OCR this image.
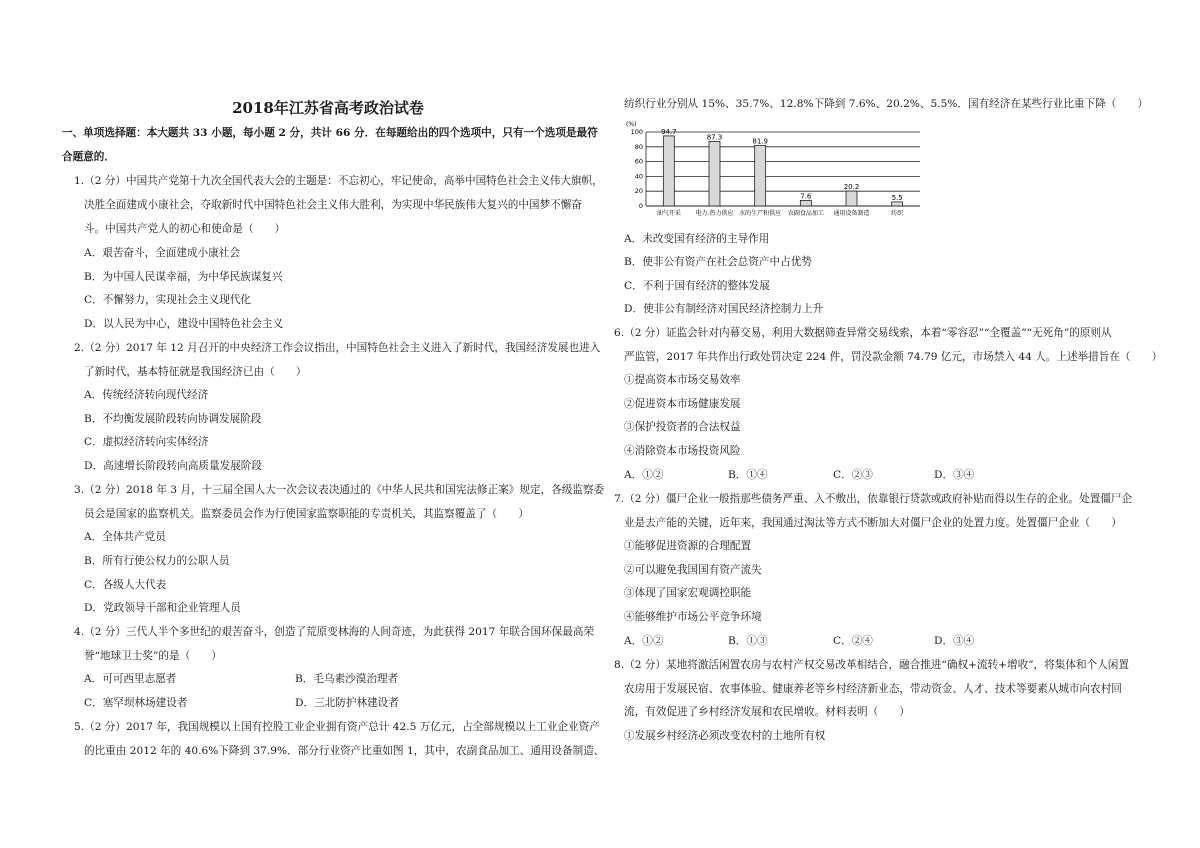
2018年江苏省高考政治试卷
一、单项选择题：本大题共 33 小题，每小题 2 分，共计 66 分．在每题给出的四个选项中，只有一个选项是最符
合题意的．
1.（2 分）中国共产党第十九次全国代表大会的主题是：不忘初心，牢记使命，高举中国特色社会主义伟大旗帜，
决胜全面建成小康社会，夺取新时代中国特色社会主义伟大胜利，为实现中华民族伟大复兴的中国梦不懈奋
斗。中国共产党人的初心和使命是（　　）
A．艰苦奋斗，全面建成小康社会
B．为中国人民谋幸福，为中华民族谋复兴
C．不懈努力，实现社会主义现代化
D．以人民为中心，建设中国特色社会主义
2.（2 分）2017 年 12 月召开的中央经济工作会议指出，中国特色社会主义进入了新时代，我国经济发展也进入
了新时代，基本特征就是我国经济已由（　　）
A．传统经济转向现代经济
B．不均衡发展阶段转向协调发展阶段
C．虚拟经济转向实体经济
D．高速增长阶段转向高质量发展阶段
3.（2 分）2018 年 3 月，十三届全国人大一次会议表决通过的《中华人民共和国宪法修正案》规定，各级监察委
员会是国家的监察机关。监察委员会作为行使国家监察职能的专责机关，其监察覆盖了（　　）
A．全体共产党员
B．所有行使公权力的公职人员
C．各级人大代表
D．党政领导干部和企业管理人员
4.（2 分）三代人半个多世纪的艰苦奋斗，创造了荒原变林海的人间奇迹，为此获得 2017 年联合国环保最高荣
誉“地球卫士奖”的是（　　）
A．可可西里志愿者	B．毛乌素沙漠治理者
C．塞罕坝林场建设者	D．三北防护林建设者
5.（2 分）2017 年，我国规模以上国有控股工业企业拥有资产总计 42.5 万亿元，占全部规模以上工业企业资产
的比重由 2012 年的 40.6%下降到 37.9%．部分行业资产比重如图 1，其中，农副食品加工、通用设备制造、
纺织行业分别从 15%、35.7%、12.8%下降到 7.6%、20.2%、5.5%．国有经济在某些行业比重下降（　　）
(%)
0
20
40
60
80
100	94.7
87.3	81.9
7.6
20.2
5.5
油气开采 电力.热力供应 水的生产和供应 农副食品加工 通用设备制造	纺织
A．未改变国有经济的主导作用
B．使非公有资产在社会总资产中占优势
C．不利于国有经济的整体发展
D．使非公有制经济对国民经济控制力上升
6.（2 分）证监会针对内幕交易，利用大数据筛查异常交易线索，本着“零容忍”“全覆盖”“无死角”的原则从
严监管，2017 年共作出行政处罚决定 224 件，罚没款金额 74.79 亿元，市场禁入 44 人。上述举措旨在（　　）
①提高资本市场交易效率
②促进资本市场健康发展
③保护投资者的合法权益
④消除资本市场投资风险
A．①②	B．①④	C．②③	D．③④
7.（2 分）僵尸企业一般指那些债务严重、入不敷出，依靠银行贷款或政府补贴而得以生存的企业。处置僵尸企
业是去产能的关键，近年来，我国通过淘汰等方式不断加大对僵尸企业的处置力度。处置僵尸企业（　　）
①能够促进资源的合理配置
②可以避免我国国有资产流失
③体现了国家宏观调控职能
④能够维护市场公平竞争环境
A．①②	B．①③	C．②④	D．③④
8.（2 分）某地将激活闲置农房与农村产权交易改革相结合，融合推进“确权+流转+增收”，将集体和个人闲置
农房用于发展民宿、农事体验、健康养老等乡村经济新业态，带动资金、人才、技术等要素从城市向农村回
流，有效促进了乡村经济发展和农民增收。材料表明（　　）
①发展乡村经济必须改变农村的土地所有权
